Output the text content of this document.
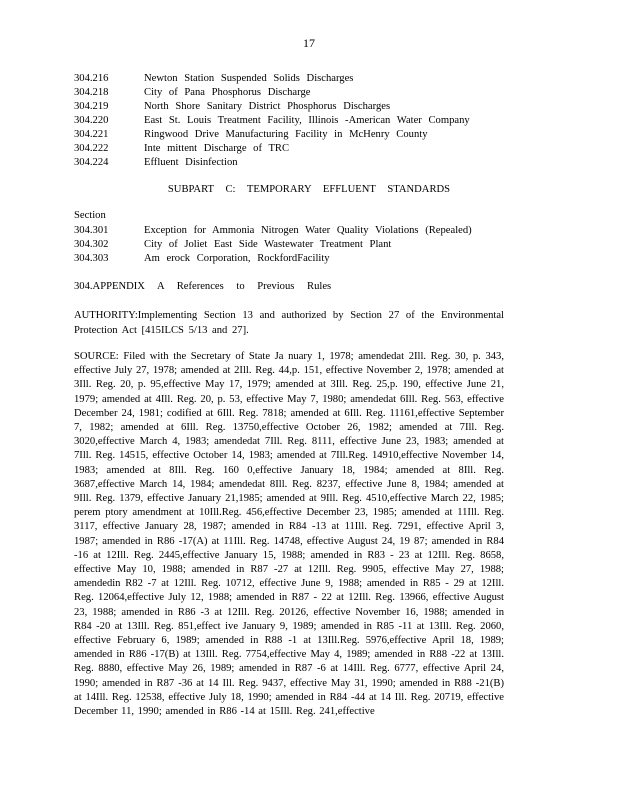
17
304.216	Newton Station Suspended Solids Discharges
304.218	City of Pana Phosphorus Discharge
304.219	North Shore Sanitary District Phosphorus Discharges
304.220	East St. Louis Treatment Facility, Illinois -American Water Company
304.221	Ringwood Drive Manufacturing Facility in McHenry County
304.222	Inte mittent Discharge of TRC
304.224	Effluent Disinfection
SUBPART C: TEMPORARY EFFLUENT STANDARDS
Section
304.301	Exception for Ammonia Nitrogen Water Quality Violations (Repealed)
304.302	City of Joliet East Side Wastewater Treatment Plant
304.303	Am erock Corporation, RockfordFacility
304.APPENDIX A References to Previous Rules
AUTHORITY:Implementing Section 13 and authorized by Section 27 of the Environmental Protection Act [415ILCS 5/13 and 27].
SOURCE: Filed with the Secretary of State Ja nuary 1, 1978; amendedat 2Ill. Reg. 30, p. 343, effective July 27, 1978; amended at 2Ill. Reg. 44,p. 151, effective November 2, 1978; amended at 3Ill. Reg. 20, p. 95,effective May 17, 1979; amended at 3Ill. Reg. 25,p. 190, effective June 21, 1979; amended at 4Ill. Reg. 20, p. 53, effective May 7, 1980; amendedat 6Ill. Reg. 563, effective December 24, 1981; codified at 6Ill. Reg. 7818; amended at 6Ill. Reg. 11161,effective September 7, 1982; amended at 6Ill. Reg. 13750,effective October 26, 1982; amended at 7Ill. Reg. 3020,effective March 4, 1983; amendedat 7Ill. Reg. 8111, effective June 23, 1983; amended at 7Ill. Reg. 14515, effective October 14, 1983; amended at 7Ill.Reg. 14910,effective November 14, 1983; amended at 8Ill. Reg. 160 0,effective January 18, 1984; amended at 8Ill. Reg. 3687,effective March 14, 1984; amendedat 8Ill. Reg. 8237, effective June 8, 1984; amended at 9Ill. Reg. 1379, effective January 21,1985; amended at 9Ill. Reg. 4510,effective March 22, 1985; perem ptory amendment at 10Ill.Reg. 456,effective December 23, 1985; amended at 11Ill. Reg. 3117, effective January 28, 1987; amended in R84 -13 at 11Ill. Reg. 7291, effective April 3, 1987; amended in R86 -17(A) at 11Ill. Reg. 14748, effective August 24, 19 87; amended in R84 -16 at 12Ill. Reg. 2445,effective January 15, 1988; amended in R83 - 23 at 12Ill. Reg. 8658, effective May 10, 1988; amended in R87 -27 at 12Ill. Reg. 9905, effective May 27, 1988; amendedin R82 -7 at 12Ill. Reg. 10712, effective June 9, 1988; amended in R85 - 29 at 12Ill. Reg. 12064,effective July 12, 1988; amended in R87 - 22 at 12Ill. Reg. 13966, effective August 23, 1988; amended in R86 -3 at 12Ill. Reg. 20126, effective November 16, 1988; amended in R84 -20 at 13Ill. Reg. 851,effect ive January 9, 1989; amended in R85 -11 at 13Ill. Reg. 2060, effective February 6, 1989; amended in R88 -1 at 13Ill.Reg. 5976,effective April 18, 1989; amended in R86 -17(B) at 13Ill. Reg. 7754,effective May 4, 1989; amended in R88 -22 at 13Ill. Reg. 8880, effective May 26, 1989; amended in R87 -6 at 14Ill. Reg. 6777, effective April 24, 1990; amended in R87 -36 at 14 Ill. Reg. 9437, effective May 31, 1990; amended in R88 -21(B) at 14Ill. Reg. 12538, effective July 18, 1990; amended in R84 -44 at 14 Ill. Reg. 20719, effective December 11, 1990; amended in R86 -14 at 15Ill. Reg. 241,effective
